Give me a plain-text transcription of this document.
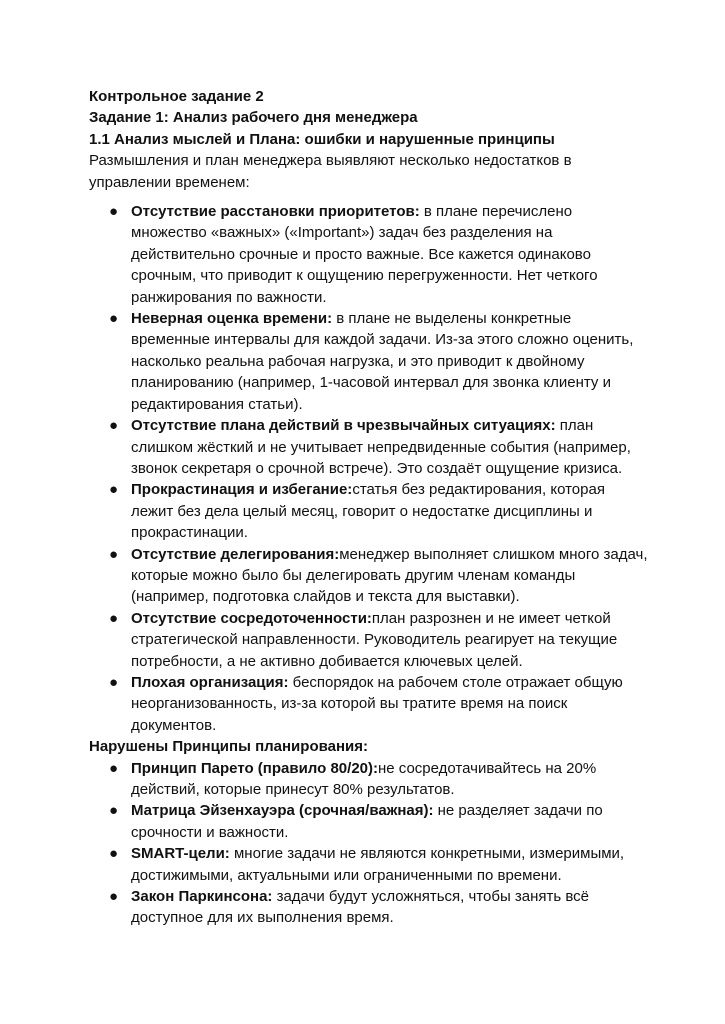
Контрольное задание 2

Задание 1: Анализ рабочего дня менеджера

1.1 Анализ мыслей и Плана: ошибки и нарушенные принципы

Размышления и план менеджера выявляют несколько недостатков в управлении временем:

● Отсутствие расстановки приоритетов: в плане перечислено множество «важных» («Important») задач без разделения на действительно срочные и просто важные. Все кажется одинаково срочным, что приводит к ощущению перегруженности. Нет четкого ранжирования по важности.
● Неверная оценка времени: в плане не выделены конкретные временные интервалы для каждой задачи. Из-за этого сложно оценить, насколько реальна рабочая нагрузка, и это приводит к двойному планированию (например, 1-часовой интервал для звонка клиенту и редактирования статьи).
● Отсутствие плана действий в чрезвычайных ситуациях: план слишком жёсткий и не учитывает непредвиденные события (например, звонок секретаря о срочной встрече). Это создаёт ощущение кризиса.
● Прокрастинация и избегание:статья без редактирования, которая лежит без дела целый месяц, говорит о недостатке дисциплины и прокрастинации.
● Отсутствие делегирования:менеджер выполняет слишком много задач, которые можно было бы делегировать другим членам команды (например, подготовка слайдов и текста для выставки).
● Отсутствие сосредоточенности:план разрознен и не имеет четкой стратегической направленности. Руководитель реагирует на текущие потребности, а не активно добивается ключевых целей.
● Плохая организация: беспорядок на рабочем столе отражает общую неорганизованность, из-за которой вы тратите время на поиск документов.

Нарушены Принципы планирования:

● Принцип Парето (правило 80/20):не сосредотачивайтесь на 20% действий, которые принесут 80% результатов.
● Матрица Эйзенхауэра (срочная/важная): не разделяет задачи по срочности и важности.
● SMART-цели: многие задачи не являются конкретными, измеримыми, достижимыми, актуальными или ограниченными по времени.
● Закон Паркинсона: задачи будут усложняться, чтобы занять всё доступное для их выполнения время.
